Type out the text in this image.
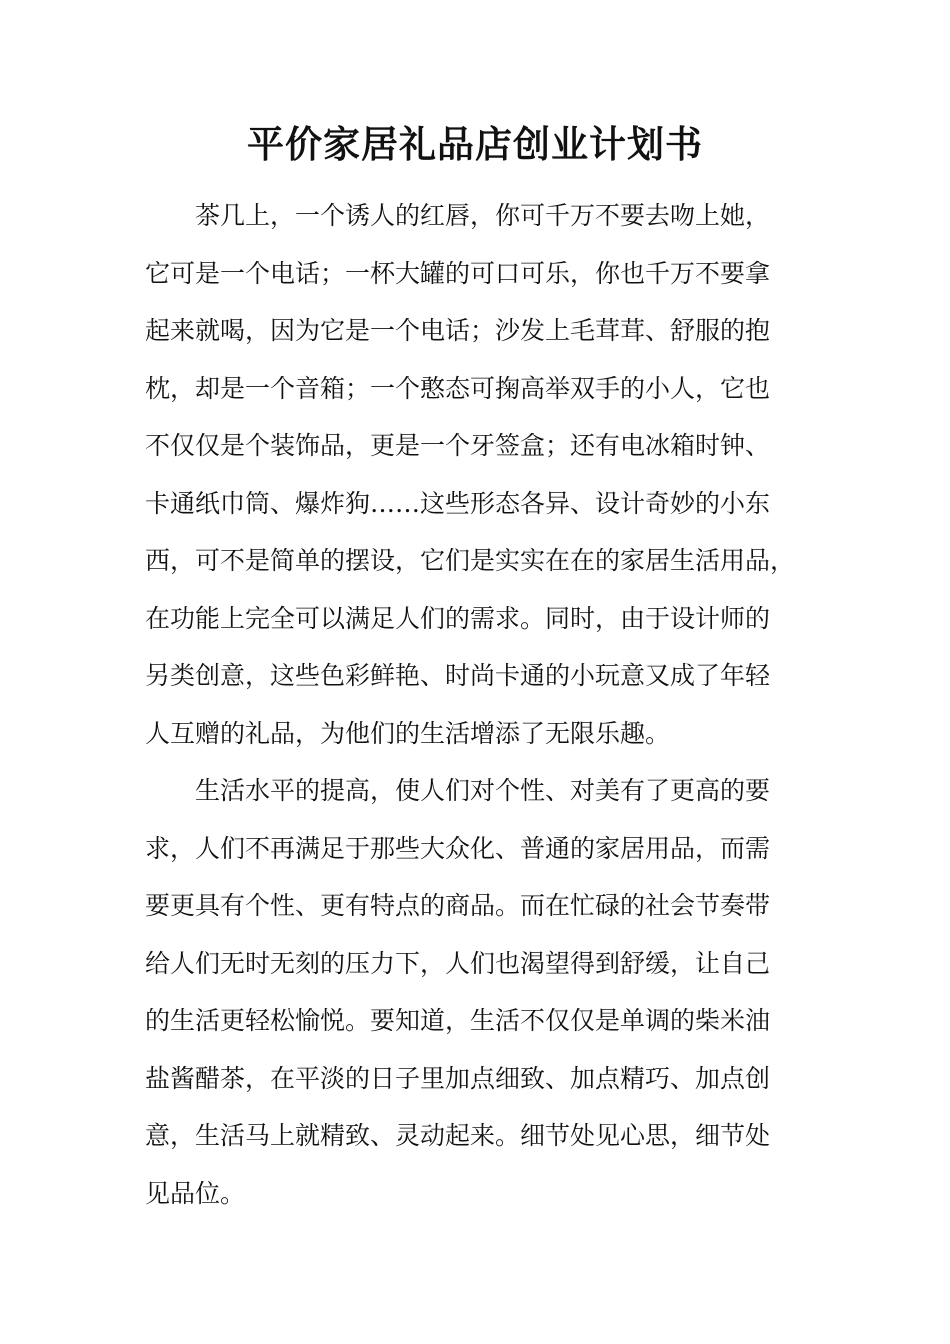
平价家居礼品店创业计划书

茶几上，一个诱人的红唇，你可千万不要去吻上她，
它可是一个电话；一杯大罐的可口可乐，你也千万不要拿
起来就喝，因为它是一个电话；沙发上毛茸茸、舒服的抱
枕，却是一个音箱；一个憨态可掬高举双手的小人，它也
不仅仅是个装饰品，更是一个牙签盒；还有电冰箱时钟、
卡通纸巾筒、爆炸狗……这些形态各异、设计奇妙的小东
西，可不是简单的摆设，它们是实实在在的家居生活用品，
在功能上完全可以满足人们的需求。同时，由于设计师的
另类创意，这些色彩鲜艳、时尚卡通的小玩意又成了年轻
人互赠的礼品，为他们的生活增添了无限乐趣。

生活水平的提高，使人们对个性、对美有了更高的要
求，人们不再满足于那些大众化、普通的家居用品，而需
要更具有个性、更有特点的商品。而在忙碌的社会节奏带
给人们无时无刻的压力下，人们也渴望得到舒缓，让自己
的生活更轻松愉悦。要知道，生活不仅仅是单调的柴米油
盐酱醋茶，在平淡的日子里加点细致、加点精巧、加点创
意，生活马上就精致、灵动起来。细节处见心思，细节处
见品位。
